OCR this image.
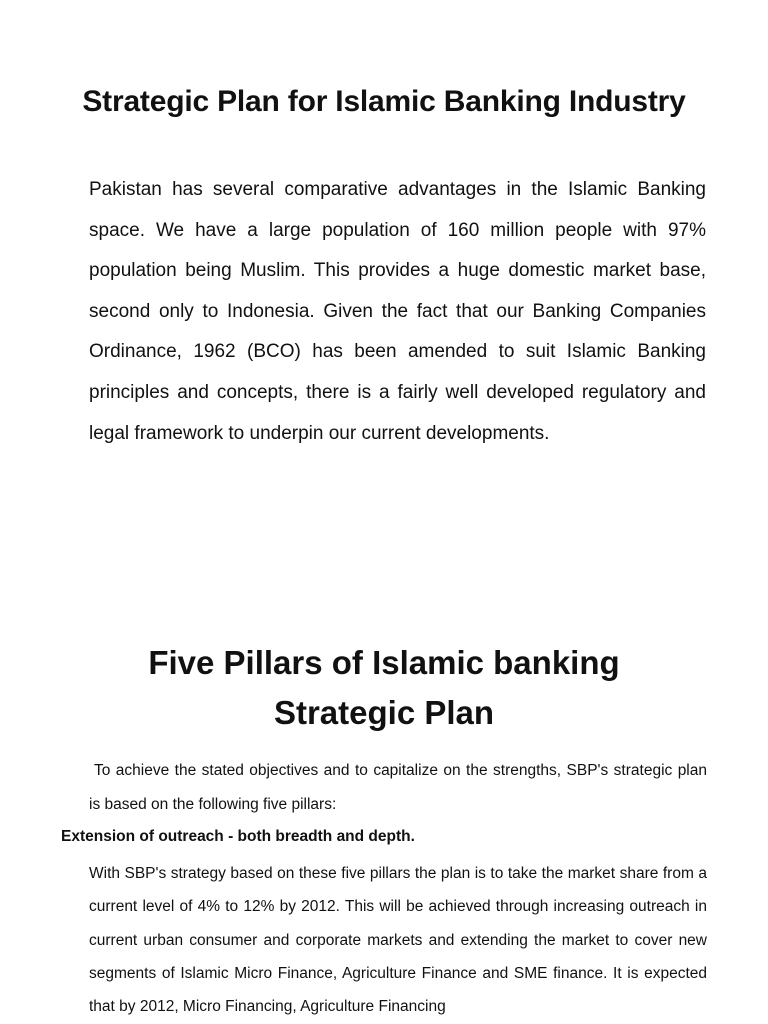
Strategic Plan for Islamic Banking Industry

Pakistan has several comparative advantages in the Islamic Banking space. We have a large population of 160 million people with 97% population being Muslim. This provides a huge domestic market base, second only to Indonesia. Given the fact that our Banking Companies Ordinance, 1962 (BCO) has been amended to suit Islamic Banking principles and concepts, there is a fairly well developed regulatory and legal framework to underpin our current developments.

Five Pillars of Islamic banking
Strategic Plan

To achieve the stated objectives and to capitalize on the strengths, SBP's strategic plan is based on the following five pillars:

Extension of outreach - both breadth and depth.

With SBP's strategy based on these five pillars the plan is to take the market share from a current level of 4% to 12% by 2012. This will be achieved through increasing outreach in current urban consumer and corporate markets and extending the market to cover new segments of Islamic Micro Finance, Agriculture Finance and SME finance. It is expected that by 2012, Micro Financing, Agriculture Financing
